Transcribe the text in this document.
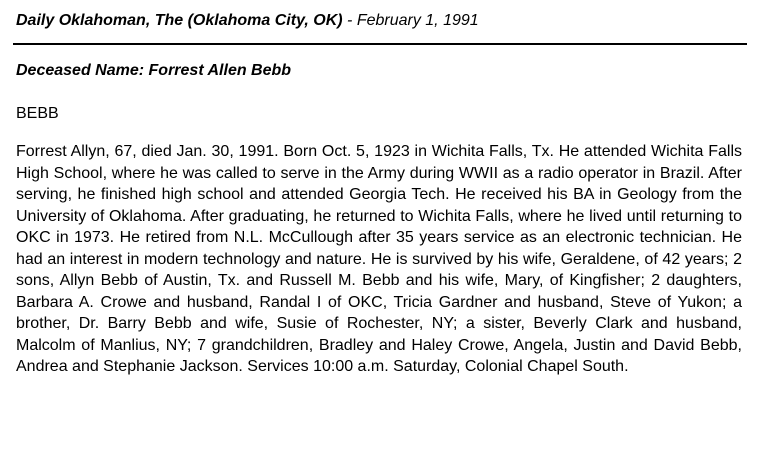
Daily Oklahoman, The (Oklahoma City, OK) - February 1, 1991
Deceased Name: Forrest Allen Bebb
BEBB
Forrest Allyn, 67, died Jan. 30, 1991. Born Oct. 5, 1923 in Wichita Falls, Tx. He attended Wichita Falls High School, where he was called to serve in the Army during WWII as a radio operator in Brazil. After serving, he finished high school and attended Georgia Tech. He received his BA in Geology from the University of Oklahoma. After graduating, he returned to Wichita Falls, where he lived until returning to OKC in 1973. He retired from N.L. McCullough after 35 years service as an electronic technician. He had an interest in modern technology and nature. He is survived by his wife, Geraldene, of 42 years; 2 sons, Allyn Bebb of Austin, Tx. and Russell M. Bebb and his wife, Mary, of Kingfisher; 2 daughters, Barbara A. Crowe and husband, Randal I of OKC, Tricia Gardner and husband, Steve of Yukon; a brother, Dr. Barry Bebb and wife, Susie of Rochester, NY; a sister, Beverly Clark and husband, Malcolm of Manlius, NY; 7 grandchildren, Bradley and Haley Crowe, Angela, Justin and David Bebb, Andrea and Stephanie Jackson. Services 10:00 a.m. Saturday, Colonial Chapel South.
